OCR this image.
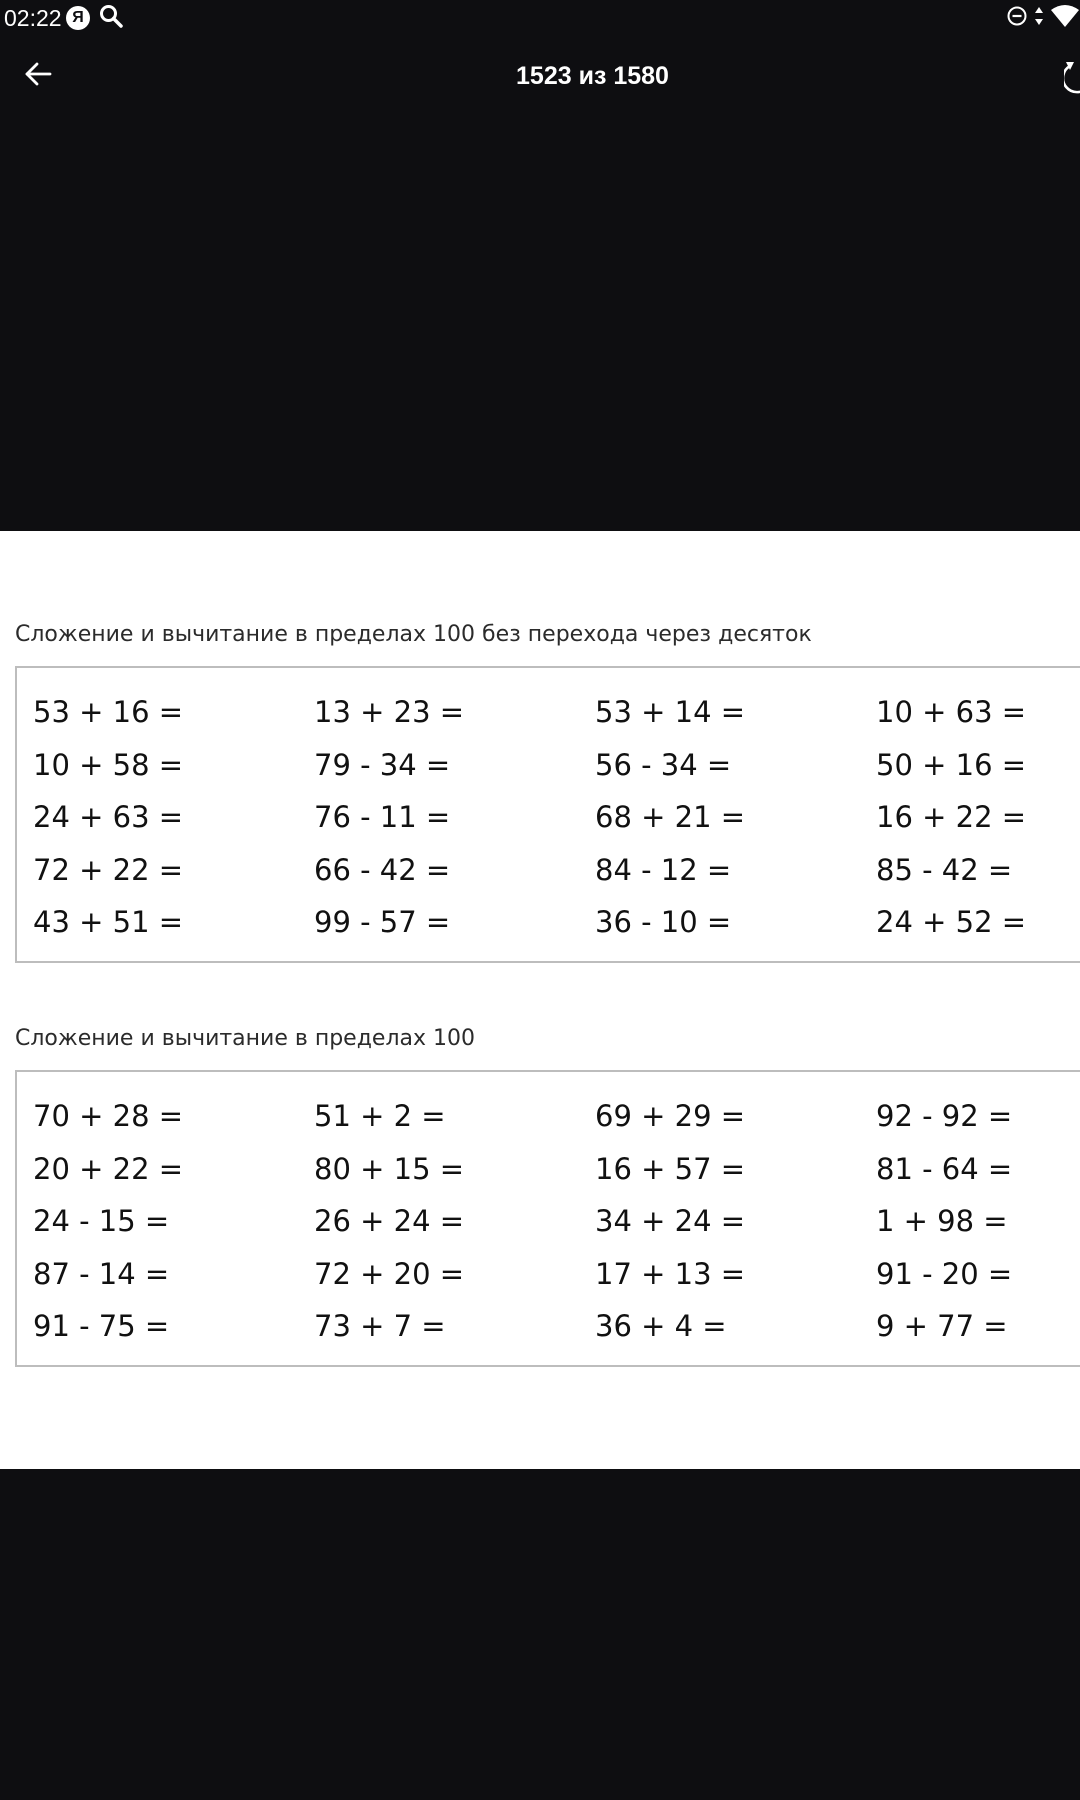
02:22 Я
1523 из 1580
Сложение и вычитание в пределах 100 без перехода через десяток
53 + 16 =	13 + 23 =	53 + 14 =	10 + 63 =
10 + 58 =	79 - 34 =	56 - 34 =	50 + 16 =
24 + 63 =	76 - 11 =	68 + 21 =	16 + 22 =
72 + 22 =	66 - 42 =	84 - 12 =	85 - 42 =
43 + 51 =	99 - 57 =	36 - 10 =	24 + 52 =
Сложение и вычитание в пределах 100
70 + 28 =	51 + 2 =	69 + 29 =	92 - 92 =
20 + 22 =	80 + 15 =	16 + 57 =	81 - 64 =
24 - 15 =	26 + 24 =	34 + 24 =	1 + 98 =
87 - 14 =	72 + 20 =	17 + 13 =	91 - 20 =
91 - 75 =	73 + 7 =	36 + 4 =	9 + 77 =
